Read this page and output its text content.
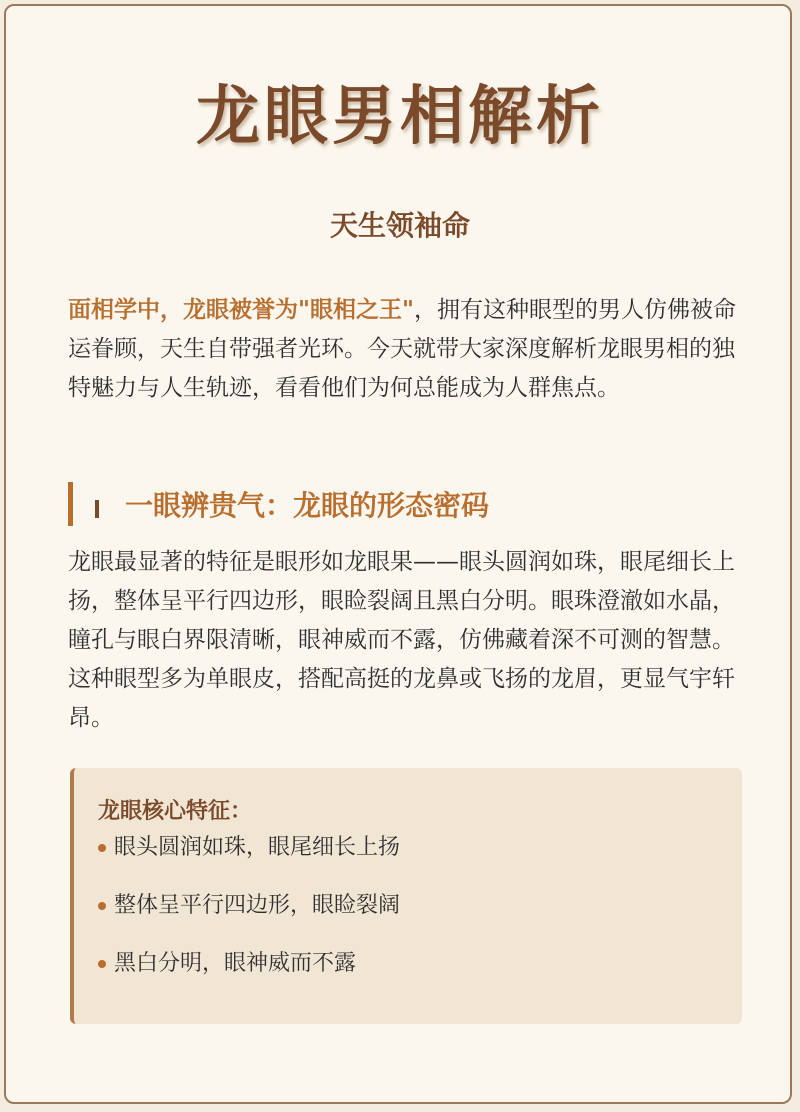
龙眼男相解析
天生领袖命

面相学中，龙眼被誉为"眼相之王"，拥有这种眼型的男人仿佛被命运眷顾，天生自带强者光环。今天就带大家深度解析龙眼男相的独特魅力与人生轨迹，看看他们为何总能成为人群焦点。

一眼辨贵气：龙眼的形态密码

龙眼最显著的特征是眼形如龙眼果——眼头圆润如珠，眼尾细长上扬，整体呈平行四边形，眼睑裂阔且黑白分明。眼珠澄澈如水晶，瞳孔与眼白界限清晰，眼神威而不露，仿佛藏着深不可测的智慧。这种眼型多为单眼皮，搭配高挺的龙鼻或飞扬的龙眉，更显气宇轩昂。

龙眼核心特征：
眼头圆润如珠，眼尾细长上扬
整体呈平行四边形，眼睑裂阔
黑白分明，眼神威而不露
